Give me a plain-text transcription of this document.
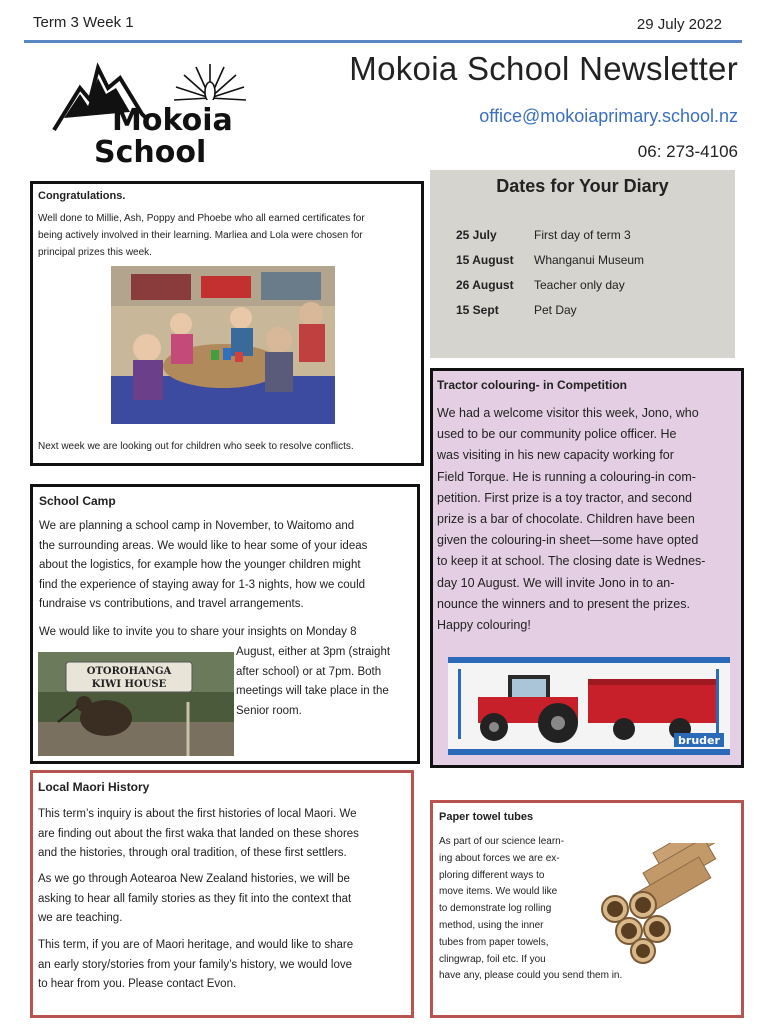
Term 3 Week 1	29 July 2022
Mokoia School Newsletter
office@mokoiaprimary.school.nz
06: 273-4106
Mokoia
School
Congratulations.
Well done to Millie, Ash, Poppy and Phoebe who all earned certificates for
being actively involved in their learning. Marliea and Lola were chosen for
principal prizes this week.
Next week we are looking out for children who seek to resolve conflicts.
School Camp
We are planning a school camp in November, to Waitomo and
the surrounding areas. We would like to hear some of your ideas
about the logistics, for example how the younger children might
find the experience of staying away for 1-3 nights, how we could
fundraise vs contributions, and travel arrangements.
We would like to invite you to share your insights on Monday 8
OTOROHANGA
KIWI HOUSE
August, either at 3pm (straight
after school) or at 7pm. Both
meetings will take place in the
Senior room.
Local Maori History
This term’s inquiry is about the first histories of local Maori. We
are finding out about the first waka that landed on these shores
and the histories, through oral tradition, of these first settlers.
As we go through Aotearoa New Zealand histories, we will be
asking to hear all family stories as they fit into the context that
we are teaching.
This term, if you are of Maori heritage, and would like to share
an early story/stories from your family’s history, we would love
to hear from you. Please contact Evon.
Dates for Your Diary
25 July	First day of term 3
15 August Whanganui Museum
26 August Teacher only day
15 Sept	Pet Day
Tractor colouring- in Competition
We had a welcome visitor this week, Jono, who
used to be our community police officer. He
was visiting in his new capacity working for
Field Torque. He is running a colouring-in com-
petition. First prize is a toy tractor, and second
prize is a bar of chocolate. Children have been
given the colouring-in sheet—some have opted
to keep it at school. The closing date is Wednes-
day 10 August. We will invite Jono in to an-
nounce the winners and to present the prizes.
Happy colouring!
bruder
Paper towel tubes
As part of our science learn-
ing about forces we are ex-
ploring different ways to
move items. We would like
to demonstrate log rolling
method, using the inner
tubes from paper towels,
clingwrap, foil etc. If you
have any, please could you send them in.
